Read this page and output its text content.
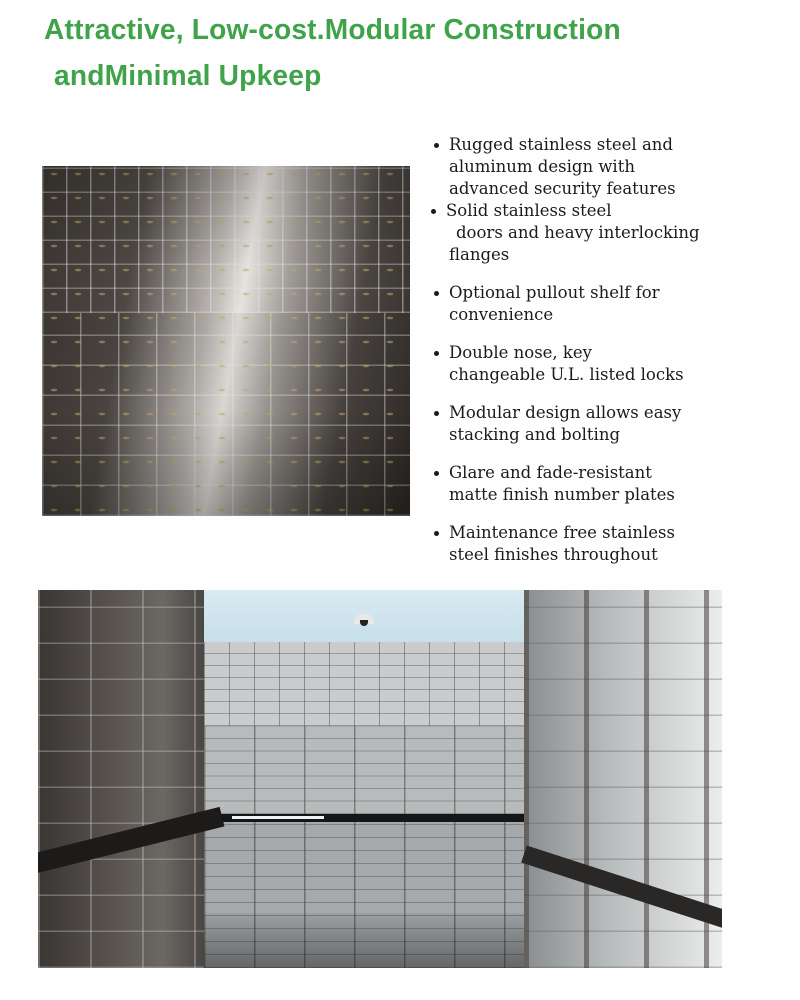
Attractive, Low-cost.Modular Construction
andMinimal Upkeep
Rugged stainless steel and
aluminum design with
advanced security features
Solid stainless steel
doors and heavy interlocking
flanges
Optional pullout shelf for
convenience
Double nose, key
changeable U.L. listed locks
Modular design allows easy
stacking and bolting
Glare and fade-resistant
matte finish number plates
Maintenance free stainless
steel finishes throughout
